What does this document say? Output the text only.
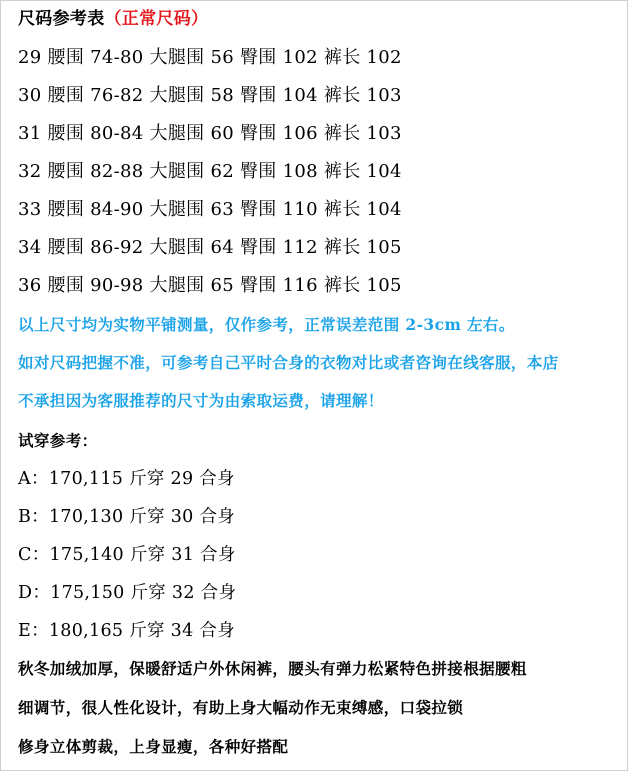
尺码参考表（正常尺码）
29 腰围 74-80 大腿围 56 臀围 102 裤长 102
30 腰围 76-82 大腿围 58 臀围 104 裤长 103
31 腰围 80-84 大腿围 60 臀围 106 裤长 103
32 腰围 82-88 大腿围 62 臀围 108 裤长 104
33 腰围 84-90 大腿围 63 臀围 110 裤长 104
34 腰围 86-92 大腿围 64 臀围 112 裤长 105
36 腰围 90-98 大腿围 65 臀围 116 裤长 105
以上尺寸均为实物平铺测量，仅作参考，正常误差范围 2-3cm 左右。
如对尺码把握不准，可参考自己平时合身的衣物对比或者咨询在线客服，本店
不承担因为客服推荐的尺寸为由索取运费，请理解！
试穿参考：
A：170,115 斤穿 29 合身
B：170,130 斤穿 30 合身
C：175,140 斤穿 31 合身
D：175,150 斤穿 32 合身
E：180,165 斤穿 34 合身
秋冬加绒加厚，保暖舒适户外休闲裤，腰头有弹力松紧特色拼接根据腰粗
细调节，很人性化设计，有助上身大幅动作无束缚感，口袋拉锁
修身立体剪裁，上身显瘦，各种好搭配
